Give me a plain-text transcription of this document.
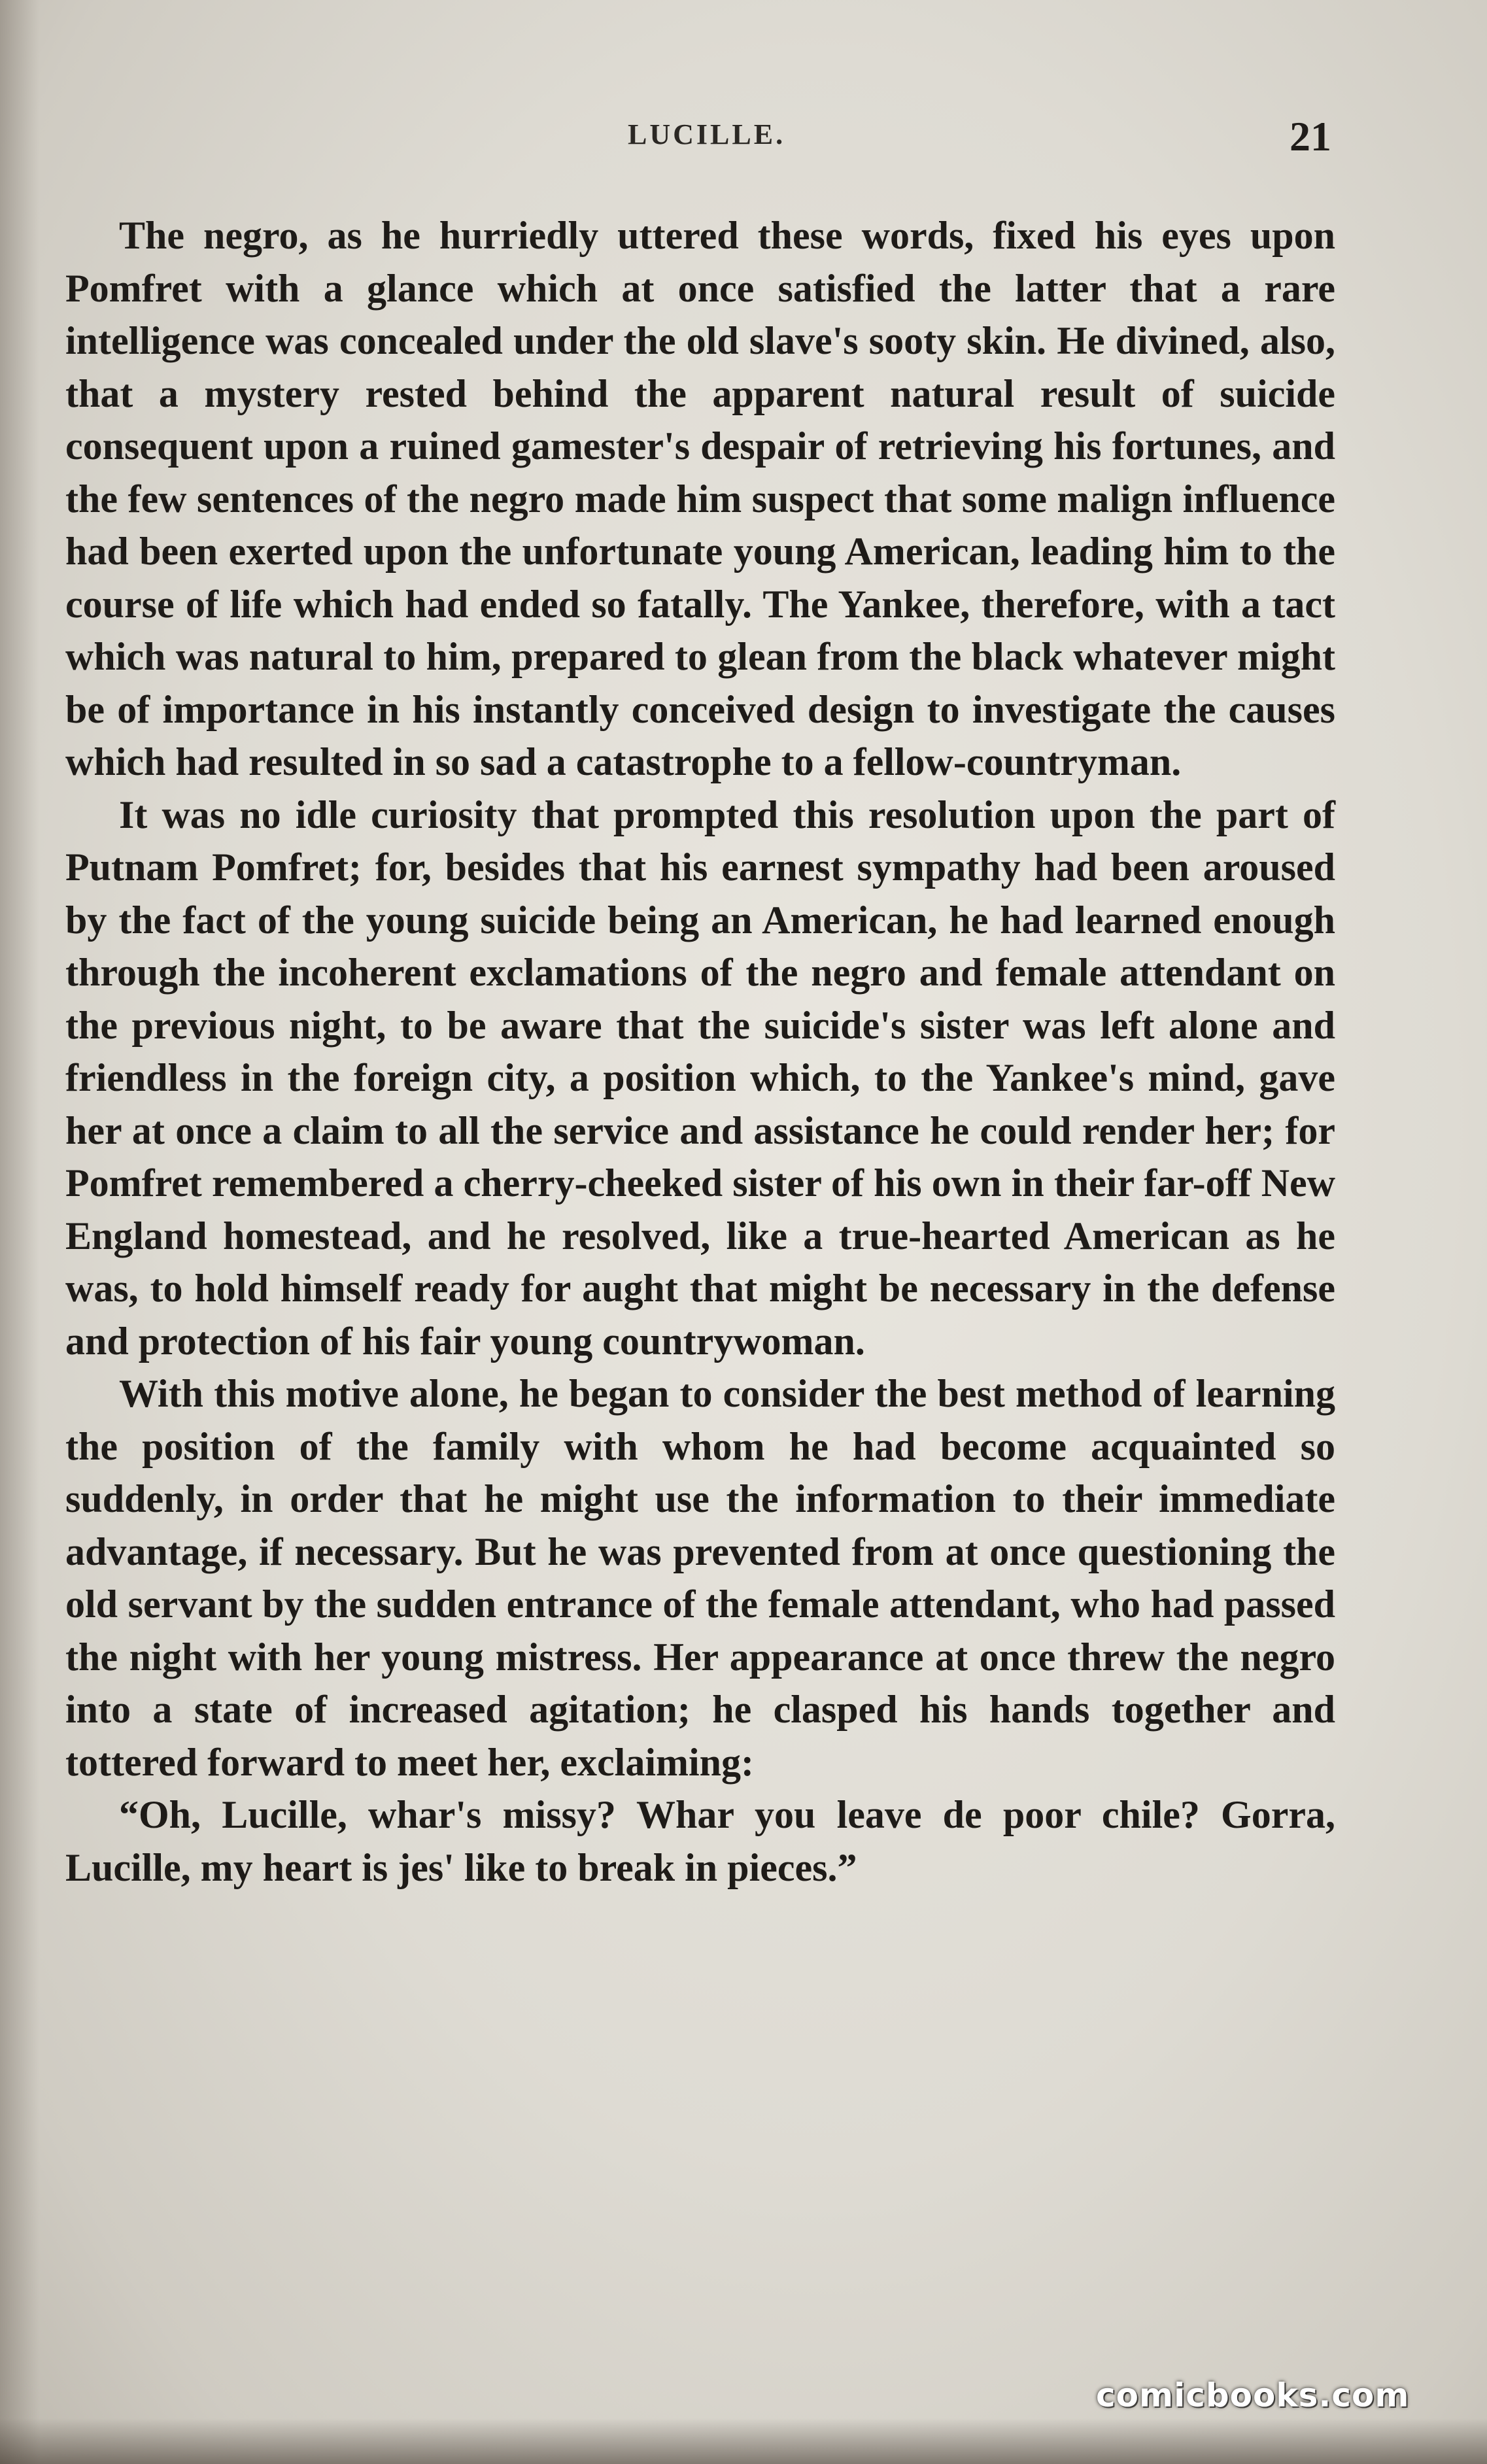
LUCILLE.	21

The negro, as he hurriedly uttered these words, fixed his eyes upon Pomfret with a glance which at once satisfied the latter that a rare intelligence was concealed under the old slave's sooty skin. He divined, also, that a mystery rested behind the apparent natural result of suicide consequent upon a ruined gamester's despair of retrieving his fortunes, and the few sentences of the negro made him suspect that some malign influence had been exerted upon the unfortunate young American, leading him to the course of life which had ended so fatally. The Yankee, therefore, with a tact which was natural to him, prepared to glean from the black whatever might be of importance in his instantly conceived design to investigate the causes which had resulted in so sad a catastrophe to a fellow-countryman.

It was no idle curiosity that prompted this resolution upon the part of Putnam Pomfret; for, besides that his earnest sympathy had been aroused by the fact of the young suicide being an American, he had learned enough through the incoherent exclamations of the negro and female attendant on the previous night, to be aware that the suicide's sister was left alone and friendless in the foreign city, a position which, to the Yankee's mind, gave her at once a claim to all the service and assistance he could render her; for Pomfret remembered a cherry-cheeked sister of his own in their far-off New England homestead, and he resolved, like a true-hearted American as he was, to hold himself ready for aught that might be necessary in the defense and protection of his fair young countrywoman.

With this motive alone, he began to consider the best method of learning the position of the family with whom he had become acquainted so suddenly, in order that he might use the information to their immediate advantage, if necessary. But he was prevented from at once questioning the old servant by the sudden entrance of the female attendant, who had passed the night with her young mistress. Her appearance at once threw the negro into a state of increased agitation; he clasped his hands together and tottered forward to meet her, exclaiming:

“Oh, Lucille, whar's missy? Whar you leave de poor chile? Gorra, Lucille, my heart is jes' like to break in pieces.”

comicbooks.com
